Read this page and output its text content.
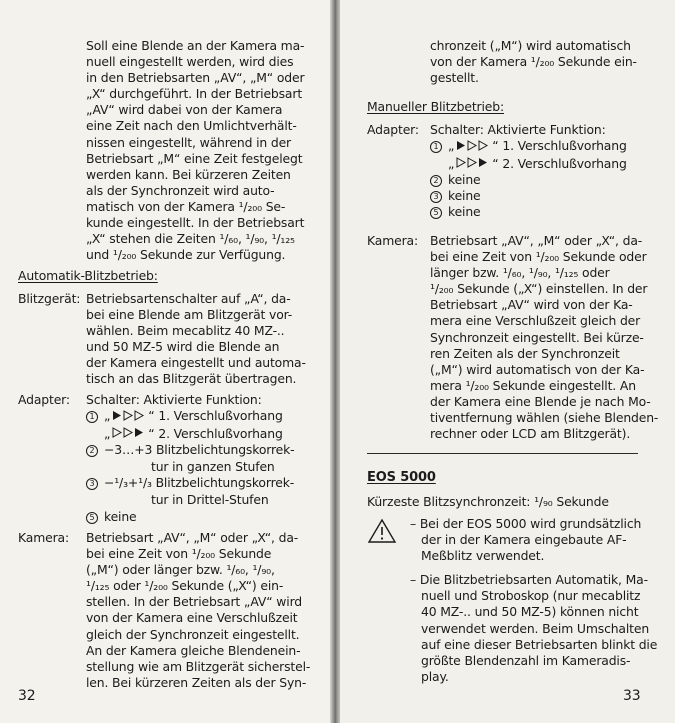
Soll eine Blende an der Kamera ma-
nuell eingestellt werden, wird dies
in den Betriebsarten „AV“, „M“ oder
„X“ durchgeführt. In der Betriebsart
„AV“ wird dabei von der Kamera
eine Zeit nach den Umlichtverhält-
nissen eingestellt, während in der
Betriebsart „M“ eine Zeit festgelegt
werden kann. Bei kürzeren Zeiten
als der Synchronzeit wird auto-
matisch von der Kamera ¹/₂₀₀ Se-
kunde eingestellt. In der Betriebsart
„X“ stehen die Zeiten ¹/₆₀, ¹/₉₀, ¹/₁₂₅
und ¹/₂₀₀ Sekunde zur Verfügung.
Automatik-Blitzbetrieb:
Blitzgerät: Betriebsartenschalter auf „A“, da-
bei eine Blende am Blitzgerät vor-
wählen. Beim mecablitz 40 MZ-..
und 50 MZ-5 wird die Blende an
der Kamera eingestellt und automa-
tisch an das Blitzgerät übertragen.
Adapter: Schalter: Aktivierte Funktion:
1 „	“ 1. Verschlußvorhang
„	“ 2. Verschlußvorhang
2 −3…+3 Blitzbelichtungskorrek-
tur in ganzen Stufen
3 −¹/₃+¹/₃ Blitzbelichtungskorrek-
tur in Drittel-Stufen
5 keine
Kamera: Betriebsart „AV“, „M“ oder „X“, da-
bei eine Zeit von ¹/₂₀₀ Sekunde
(„M“) oder länger bzw. ¹/₆₀, ¹/₉₀,
¹/₁₂₅ oder ¹/₂₀₀ Sekunde („X“) ein-
stellen. In der Betriebsart „AV“ wird
von der Kamera eine Verschlußzeit
gleich der Synchronzeit eingestellt.
An der Kamera gleiche Blendenein-
stellung wie am Blitzgerät sicherstel-
len. Bei kürzeren Zeiten als der Syn-
32
chronzeit („M“) wird automatisch
von der Kamera ¹/₂₀₀ Sekunde ein-
gestellt.
Manueller Blitzbetrieb:
Adapter: Schalter: Aktivierte Funktion:
1 „	“ 1. Verschlußvorhang
„	“ 2. Verschlußvorhang
2 keine
3 keine
5 keine
Kamera: Betriebsart „AV“, „M“ oder „X“, da-
bei eine Zeit von ¹/₂₀₀ Sekunde oder
länger bzw. ¹/₆₀, ¹/₉₀, ¹/₁₂₅ oder
¹/₂₀₀ Sekunde („X“) einstellen. In der
Betriebsart „AV“ wird von der Ka-
mera eine Verschlußzeit gleich der
Synchronzeit eingestellt. Bei kürze-
ren Zeiten als der Synchronzeit
(„M“) wird automatisch von der Ka-
mera ¹/₂₀₀ Sekunde eingestellt. An
der Kamera eine Blende je nach Mo-
tiventfernung wählen (siehe Blenden-
rechner oder LCD am Blitzgerät).
EOS 5000
Kürzeste Blitzsynchronzeit: ¹/₉₀ Sekunde
– Bei der EOS 5000 wird grundsätzlich
der in der Kamera eingebaute AF-
Meßblitz verwendet.
– Die Blitzbetriebsarten Automatik, Ma-
nuell und Stroboskop (nur mecablitz
40 MZ-.. und 50 MZ-5) können nicht
verwendet werden. Beim Umschalten
auf eine dieser Betriebsarten blinkt die
größte Blendenzahl im Kameradis-
play.
33
